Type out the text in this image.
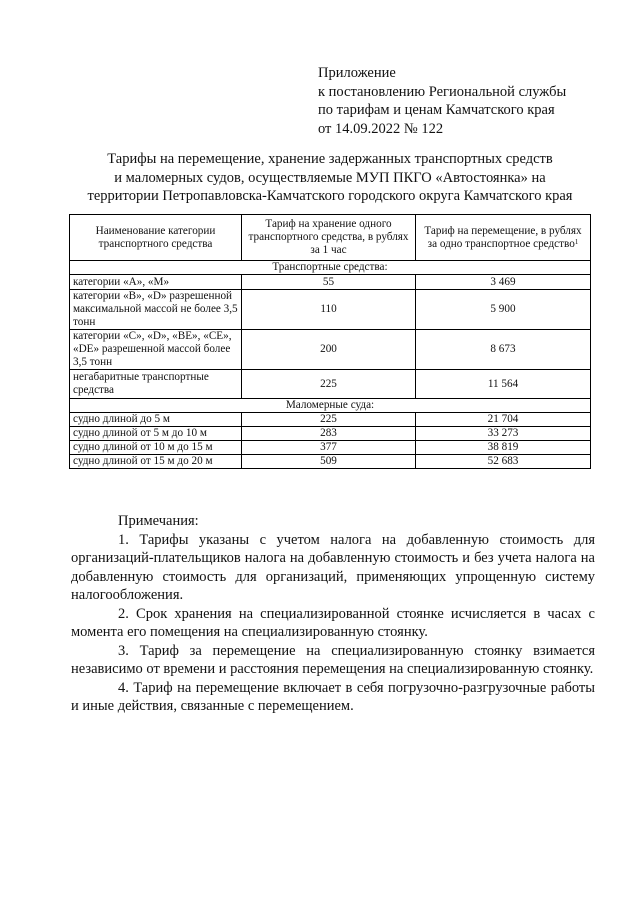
Приложение
к постановлению Региональной службы
по тарифам и ценам Камчатского края
от 14.09.2022 № 122
Тарифы на перемещение, хранение задержанных транспортных средств
и маломерных судов, осуществляемые МУП ПКГО «Автостоянка» на
территории Петропавловска-Камчатского городского округа Камчатского края
Наименование категории транспортного средства	Тариф на хранение одного транспортного средства, в рублях за 1 час	Тариф на перемещение, в рублях за одно транспортное средство$^1$
Транспортные средства:		
категории «А», «М»	55	3 469
категории «В», «D» разрешенной максимальной массой не более 3,5 тонн	110	5 900
категории «С», «D», «ВЕ», «СЕ», «DЕ» разрешенной массой более 3,5 тонн	200	8 673
негабаритные транспортные средства	225	11 564
Маломерные суда:		
судно длиной до 5 м	225	21 704
судно длиной от 5 м до 10 м	283	33 273
судно длиной от 10 м до 15 м	377	38 819
судно длиной от 15 м до 20 м	509	52 683
Примечания:

1. Тарифы указаны с учетом налога на добавленную стоимость для организаций-плательщиков налога на добавленную стоимость и без учета налога на добавленную стоимость для организаций, применяющих упрощенную систему налогообложения.

2. Срок хранения на специализированной стоянке исчисляется в часах с момента его помещения на специализированную стоянку.

3. Тариф за перемещение на специализированную стоянку взимается независимо от времени и расстояния перемещения на специализированную стоянку.

4. Тариф на перемещение включает в себя погрузочно-разгрузочные работы и иные действия, связанные с перемещением.
